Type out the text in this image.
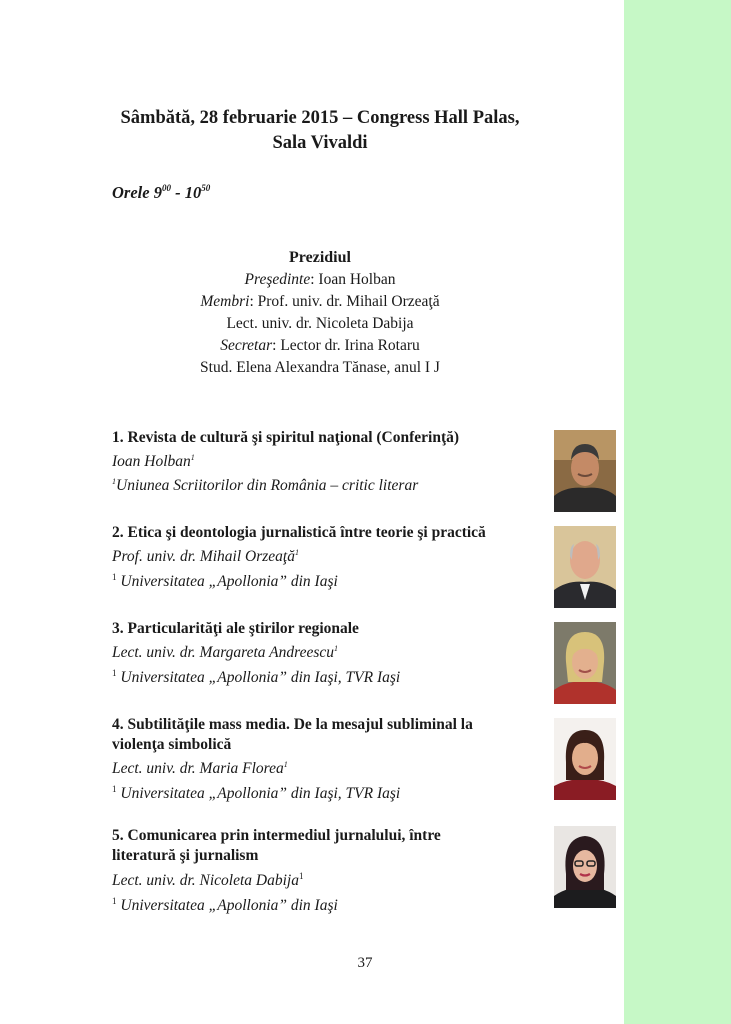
Sâmbătă, 28 februarie 2015 – Congress Hall Palas,
Sala Vivaldi
Orele $9^{00} - 10^{50}$
Prezidiul
Preşedinte: Ioan Holban
Membri: Prof. univ. dr. Mihail Orzeaţă
Lect. univ. dr. Nicoleta Dabija
Secretar: Lector dr. Irina Rotaru
Stud. Elena Alexandra Tănase, anul I J
1. Revista de cultură şi spiritul naţional (Conferinţă)
Ioan Holban$^1$
$^1$Uniunea Scriitorilor din România – critic literar
2. Etica şi deontologia jurnalistică între teorie şi practică
Prof. univ. dr. Mihail Orzeaţă$^1$
$^1$ Universitatea „Apollonia” din Iaşi
3. Particularităţi ale ştirilor regionale
Lect. univ. dr. Margareta Andreescu$^1$
$^1$ Universitatea „Apollonia” din Iaşi, TVR Iaşi
4. Subtilităţile mass media. De la mesajul subliminal la
violenţa simbolică
Lect. univ. dr. Maria Florea$^1$
$^1$ Universitatea „Apollonia” din Iaşi, TVR Iaşi
5. Comunicarea prin intermediul jurnalului, între
literatură şi jurnalism
Lect. univ. dr. Nicoleta Dabija$^1$
$^1$ Universitatea „Apollonia” din Iaşi
37
